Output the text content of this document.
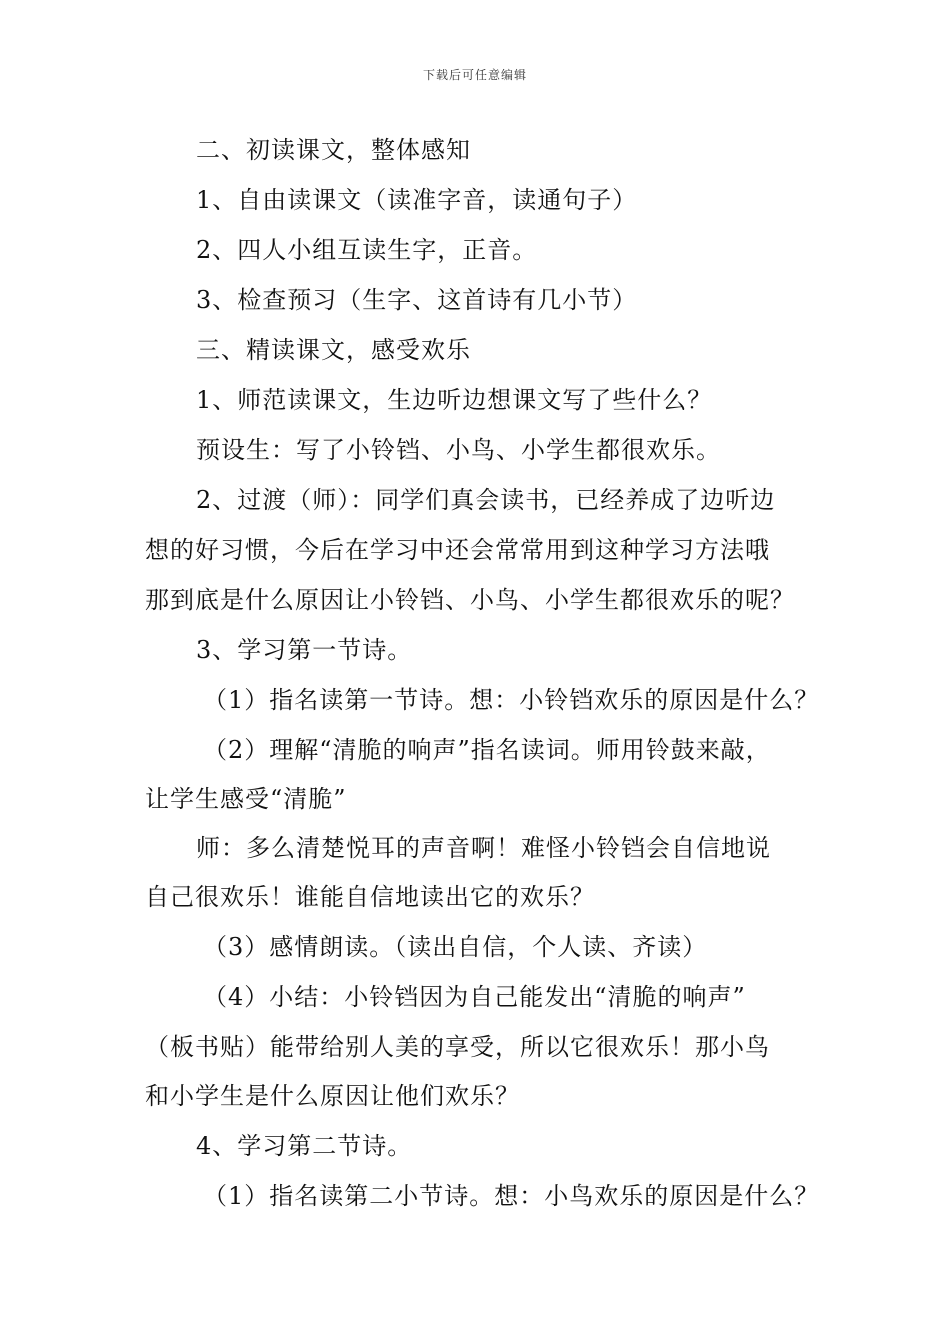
下载后可任意编辑
二、初读课文，整体感知
1、自由读课文（读准字音，读通句子）
2、四人小组互读生字，正音。
3、检查预习（生字、这首诗有几小节）
三、精读课文，感受欢乐
1、师范读课文，生边听边想课文写了些什么？
预设生：写了小铃铛、小鸟、小学生都很欢乐。
2、过渡（师）：同学们真会读书，已经养成了边听边
想的好习惯，今后在学习中还会常常用到这种学习方法哦
那到底是什么原因让小铃铛、小鸟、小学生都很欢乐的呢？
3、学习第一节诗。
（1）指名读第一节诗。想：小铃铛欢乐的原因是什么？
（2）理解“清脆的响声”指名读词。师用铃鼓来敲，
让学生感受“清脆”
师：多么清楚悦耳的声音啊！难怪小铃铛会自信地说
自己很欢乐！谁能自信地读出它的欢乐？
（3）感情朗读。（读出自信，个人读、齐读）
（4）小结：小铃铛因为自己能发出“清脆的响声”
（板书贴）能带给别人美的享受，所以它很欢乐！那小鸟
和小学生是什么原因让他们欢乐？
4、学习第二节诗。
（1）指名读第二小节诗。想：小鸟欢乐的原因是什么？
